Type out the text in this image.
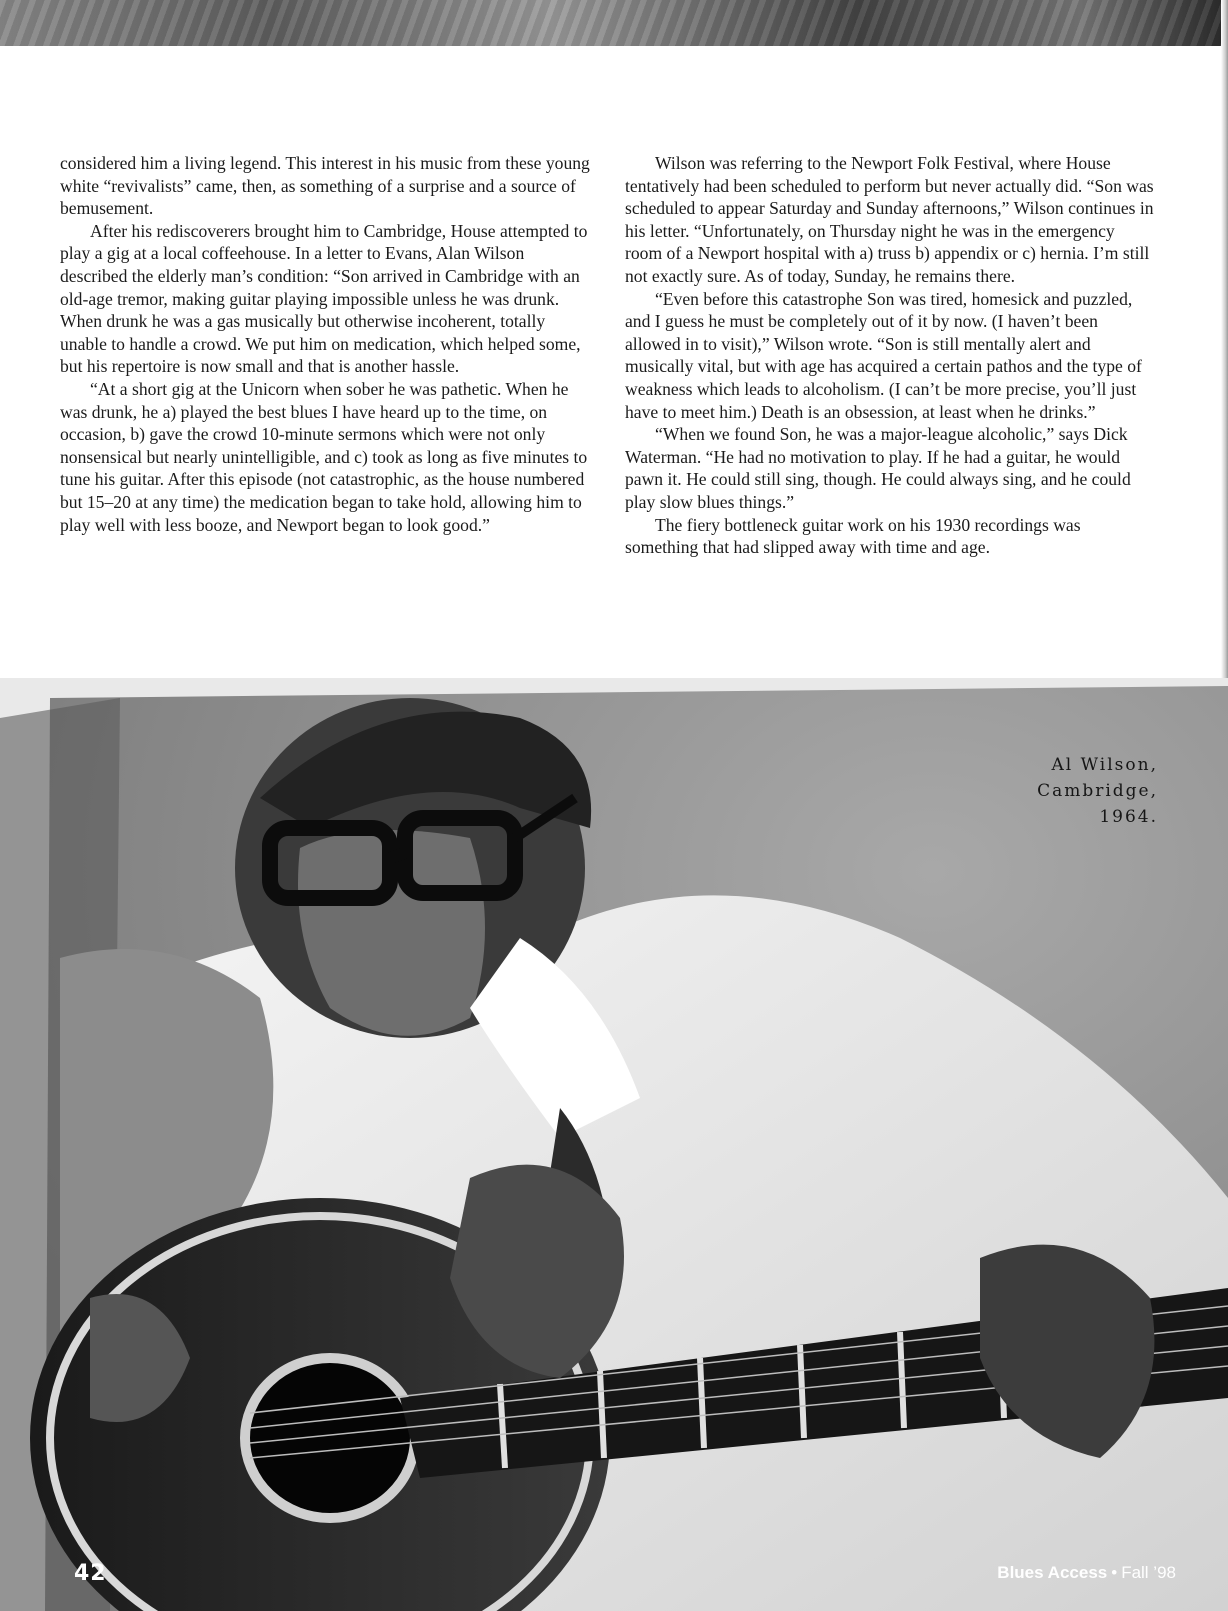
considered him a living legend. This interest in his music from these young white “revivalists” came, then, as something of a surprise and a source of bemusement.

After his rediscoverers brought him to Cambridge, House attempted to play a gig at a local coffeehouse. In a letter to Evans, Alan Wilson described the elderly man’s condition: “Son arrived in Cambridge with an old-age tremor, making guitar playing impossible unless he was drunk. When drunk he was a gas musically but otherwise incoherent, totally unable to handle a crowd. We put him on medication, which helped some, but his repertoire is now small and that is another hassle.

“At a short gig at the Unicorn when sober he was pathetic. When he was drunk, he a) played the best blues I have heard up to the time, on occasion, b) gave the crowd 10-minute sermons which were not only nonsensical but nearly unintelligible, and c) took as long as five minutes to tune his guitar. After this episode (not catastrophic, as the house numbered but 15–20 at any time) the medication began to take hold, allowing him to play well with less booze, and Newport began to look good.”

Wilson was referring to the Newport Folk Festival, where House tentatively had been scheduled to perform but never actually did. “Son was scheduled to appear Saturday and Sunday afternoons,” Wilson continues in his letter. “Unfortunately, on Thursday night he was in the emergency room of a Newport hospital with a) truss b) appendix or c) hernia. I’m still not exactly sure. As of today, Sunday, he remains there.

“Even before this catastrophe Son was tired, homesick and puzzled, and I guess he must be completely out of it by now. (I haven’t been allowed in to visit),” Wilson wrote. “Son is still mentally alert and musically vital, but with age has acquired a certain pathos and the type of weakness which leads to alcoholism. (I can’t be more precise, you’ll just have to meet him.) Death is an obsession, at least when he drinks.”

“When we found Son, he was a major-league alcoholic,” says Dick Waterman. “He had no motivation to play. If he had a guitar, he would pawn it. He could still sing, though. He could always sing, and he could play slow blues things.”

The fiery bottleneck guitar work on his 1930 recordings was something that had slipped away with time and age.

Al Wilson,
Cambridge,
1964.
42	Blues Access • Fall ’98
